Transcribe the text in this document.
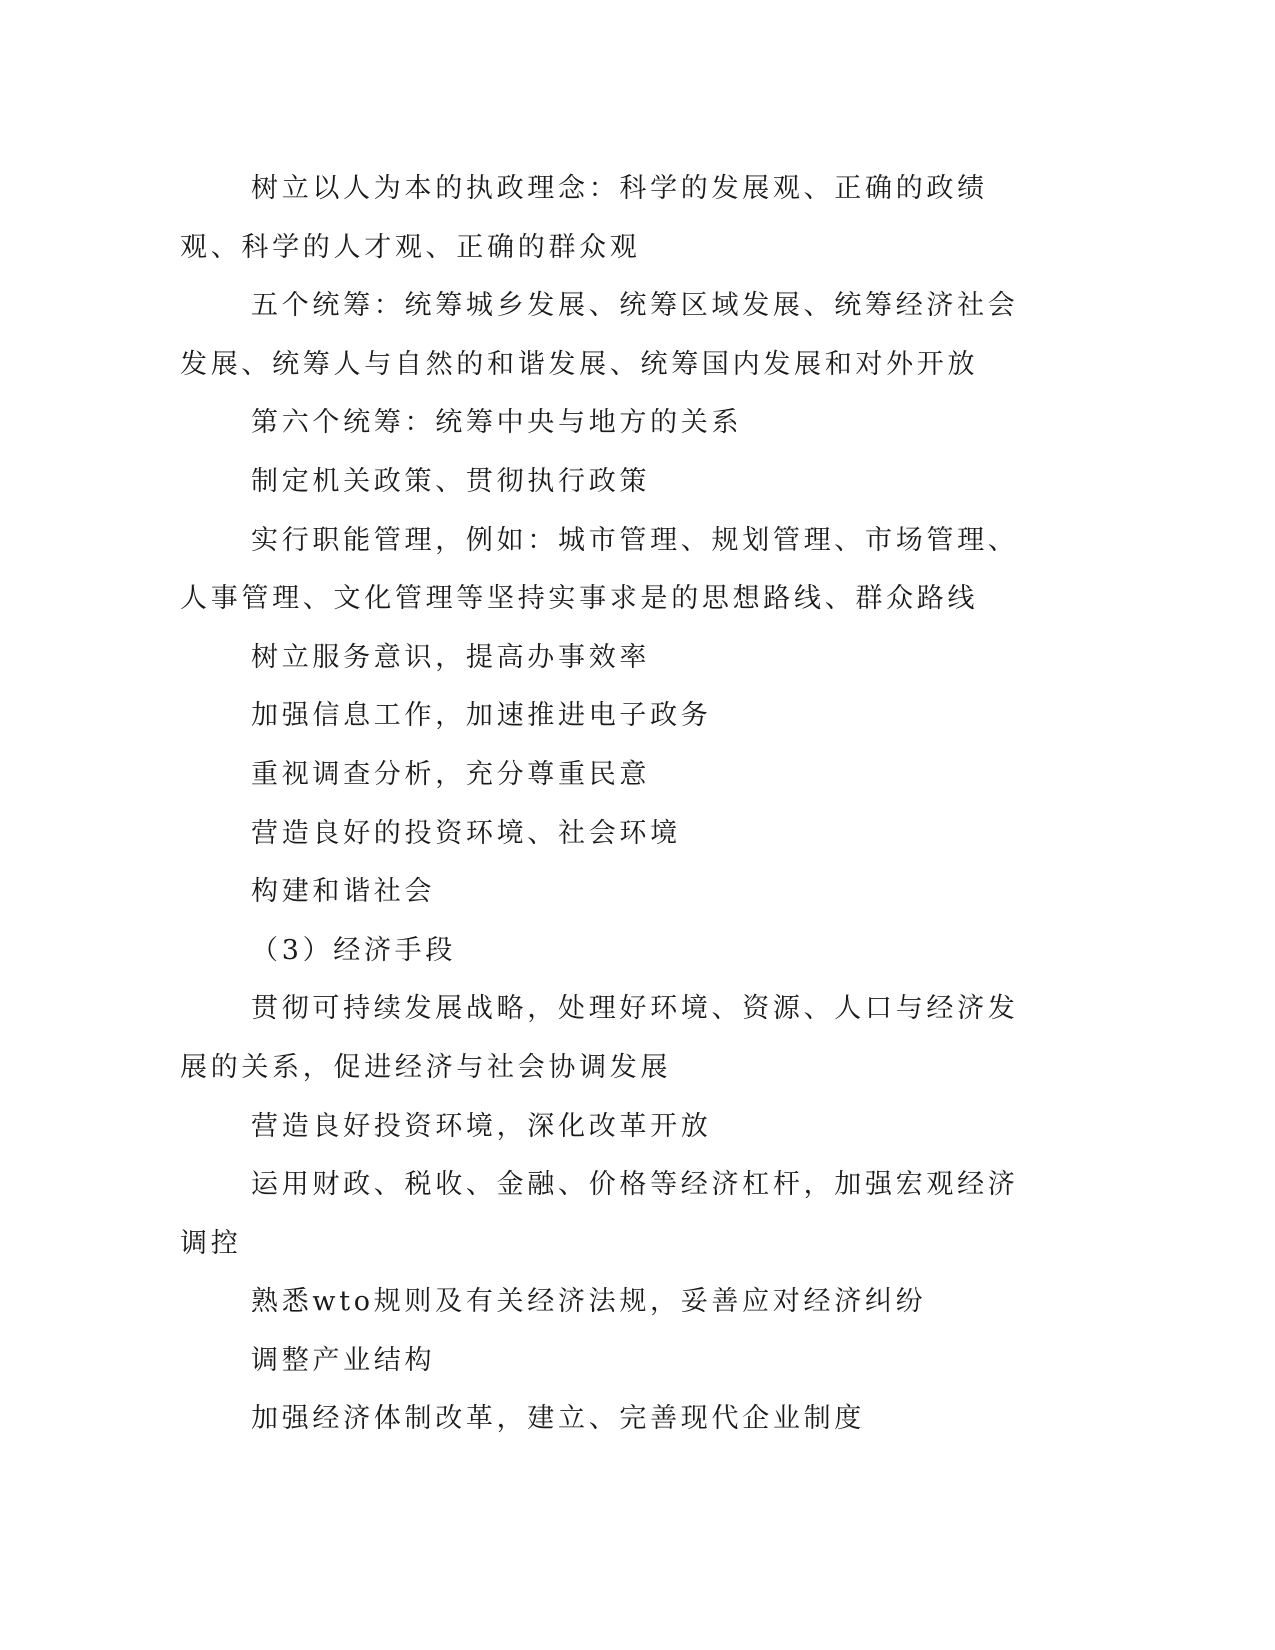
树立以人为本的执政理念：科学的发展观、正确的政绩观、科学的人才观、正确的群众观

五个统筹：统筹城乡发展、统筹区域发展、统筹经济社会发展、统筹人与自然的和谐发展、统筹国内发展和对外开放

第六个统筹：统筹中央与地方的关系

制定机关政策、贯彻执行政策

实行职能管理，例如：城市管理、规划管理、市场管理、人事管理、文化管理等坚持实事求是的思想路线、群众路线

树立服务意识，提高办事效率

加强信息工作，加速推进电子政务

重视调查分析，充分尊重民意

营造良好的投资环境、社会环境

构建和谐社会

（3）经济手段

贯彻可持续发展战略，处理好环境、资源、人口与经济发展的关系，促进经济与社会协调发展

营造良好投资环境，深化改革开放

运用财政、税收、金融、价格等经济杠杆，加强宏观经济调控

熟悉wto规则及有关经济法规，妥善应对经济纠纷

调整产业结构

加强经济体制改革，建立、完善现代企业制度
